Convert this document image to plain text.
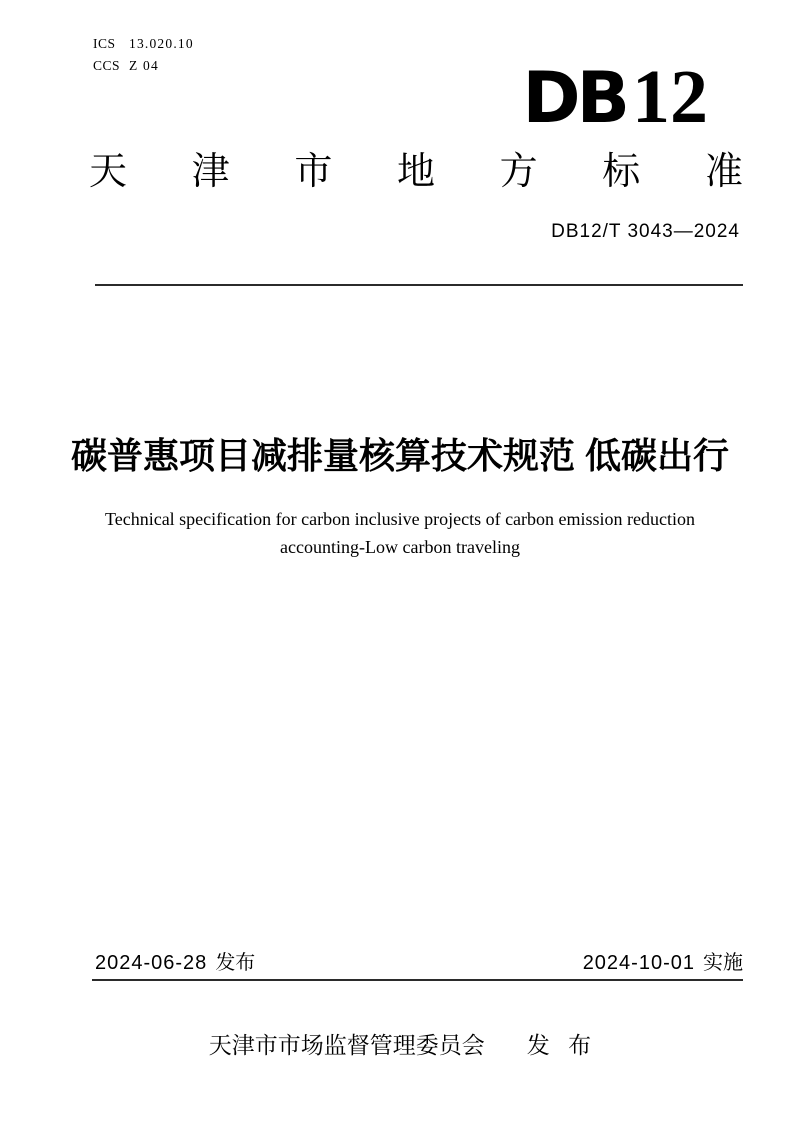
ICS 13.020.10
CCS Z 04	DB 12
天 津 市 地 方 标 准
DB12/T 3043—2024
碳普惠项目减排量核算技术规范 低碳出行
Technical specification for carbon inclusive projects of carbon emission reduction
accounting-Low carbon traveling
2024-06-28 发布	2024-10-01 实施
天津市市场监督管理委员会 发 布
